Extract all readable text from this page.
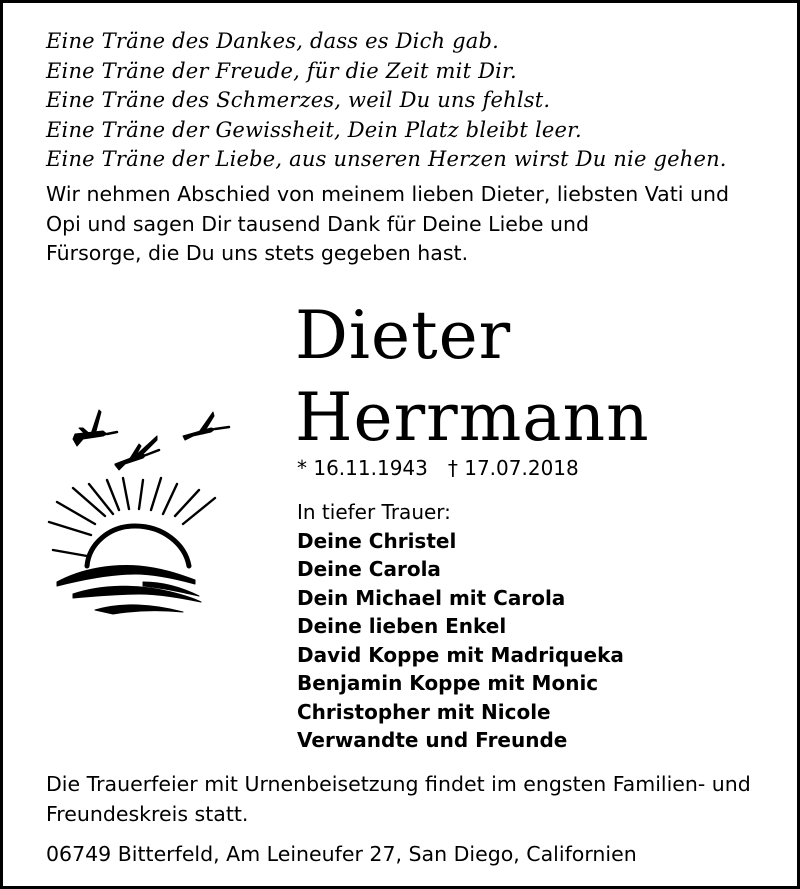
Eine Träne des Dankes, dass es Dich gab.
Eine Träne der Freude, für die Zeit mit Dir.
Eine Träne des Schmerzes, weil Du uns fehlst.
Eine Träne der Gewissheit, Dein Platz bleibt leer.
Eine Träne der Liebe, aus unseren Herzen wirst Du nie gehen.
Wir nehmen Abschied von meinem lieben Dieter, liebsten Vati und
Opi und sagen Dir tausend Dank für Deine Liebe und
Fürsorge, die Du uns stets gegeben hast.
Dieter
Herrmann
* 16.11.1943 † 17.07.2018
In tiefer Trauer:
Deine Christel
Deine Carola
Dein Michael mit Carola
Deine lieben Enkel
David Koppe mit Madriqueka
Benjamin Koppe mit Monic
Christopher mit Nicole
Verwandte und Freunde
Die Trauerfeier mit Urnenbeisetzung findet im engsten Familien- und
Freundeskreis statt.
06749 Bitterfeld, Am Leineufer 27, San Diego, Californien
